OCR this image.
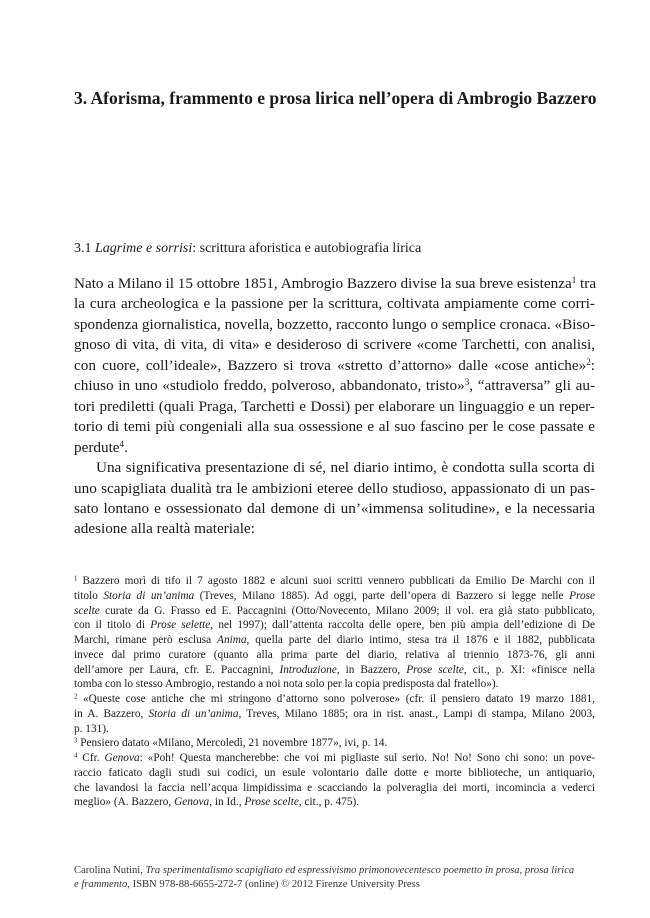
3. Aforisma, frammento e prosa lirica nell’opera di Ambrogio Bazzero
3.1 Lagrime e sorrisi: scrittura aforistica e autobiografia lirica
Nato a Milano il 15 ottobre 1851, Ambrogio Bazzero divise la sua breve esistenza$^1$ tra
la cura archeologica e la passione per la scrittura, coltivata ampiamente come corri-
spondenza giornalistica, novella, bozzetto, racconto lungo o semplice cronaca. «Biso-
gnoso di vita, di vita, di vita» e desideroso di scrivere «come Tarchetti, con analisi,
con cuore, coll’ideale», Bazzero si trova «stretto d’attorno» dalle «cose antiche»$^2$:
chiuso in uno «studiolo freddo, polveroso, abbandonato, tristo»$^3$, “attraversa” gli au-
tori prediletti (quali Praga, Tarchetti e Dossi) per elaborare un linguaggio e un reper-
torio di temi più congeniali alla sua ossessione e al suo fascino per le cose passate e
perdute$^4$.
Una significativa presentazione di sé, nel diario intimo, è condotta sulla scorta di
uno scapigliata dualità tra le ambizioni eteree dello studioso, appassionato di un pas-
sato lontano e ossessionato dal demone di un’«immensa solitudine», e la necessaria
adesione alla realtà materiale:
$^1$ Bazzero morì di tifo il 7 agosto 1882 e alcuni suoi scritti vennero pubblicati da Emilio De Marchi con il
titolo Storia di un’anima (Treves, Milano 1885). Ad oggi, parte dell’opera di Bazzero si legge nelle Prose
scelte curate da G. Frasso ed E. Paccagnini (Otto/Novecento, Milano 2009; il vol. era già stato pubblicato,
con il titolo di Prose selette, nel 1997); dall’attenta raccolta delle opere, ben più ampia dell’edizione di De
Marchi, rimane però esclusa Anima, quella parte del diario intimo, stesa tra il 1876 e il 1882, pubblicata
invece dal primo curatore (quanto alla prima parte del diario, relativa al triennio 1873-76, gli anni
dell’amore per Laura, cfr. E. Paccagnini, Introduzione, in Bazzero, Prose scelte, cit., p. XI: «finisce nella
tomba con lo stesso Ambrogio, restando a noi nota solo per la copia predisposta dal fratello»).
$^2$ «Queste cose antiche che mi stringono d’attorno sono polverose» (cfr. il pensiero datato 19 marzo 1881,
in A. Bazzero, Storia di un’anima, Treves, Milano 1885; ora in rist. anast., Lampi di stampa, Milano 2003,
p. 131).
$^3$ Pensiero datato «Milano, Mercoledì, 21 novembre 1877», ivi, p. 14.
$^4$ Cfr. Genova: «Poh! Questa mancherebbe: che voi mi pigliaste sul serio. No! No! Sono chi sono: un pove-
raccio faticato dagli studi sui codici, un esule volontario dalle dotte e morte biblioteche, un antiquario,
che lavandosi la faccia nell’acqua limpidissima e scacciando la polveraglia dei morti, incomincia a vederci
meglio» (A. Bazzero, Genova, in Id., Prose scelte, cit., p. 475).
Carolina Nutini, Tra sperimentalismo scapigliato ed espressivismo primonovecentesco poemetto in prosa, prosa lirica
e frammento, ISBN 978-88-6655-272-7 (online) © 2012 Firenze University Press
